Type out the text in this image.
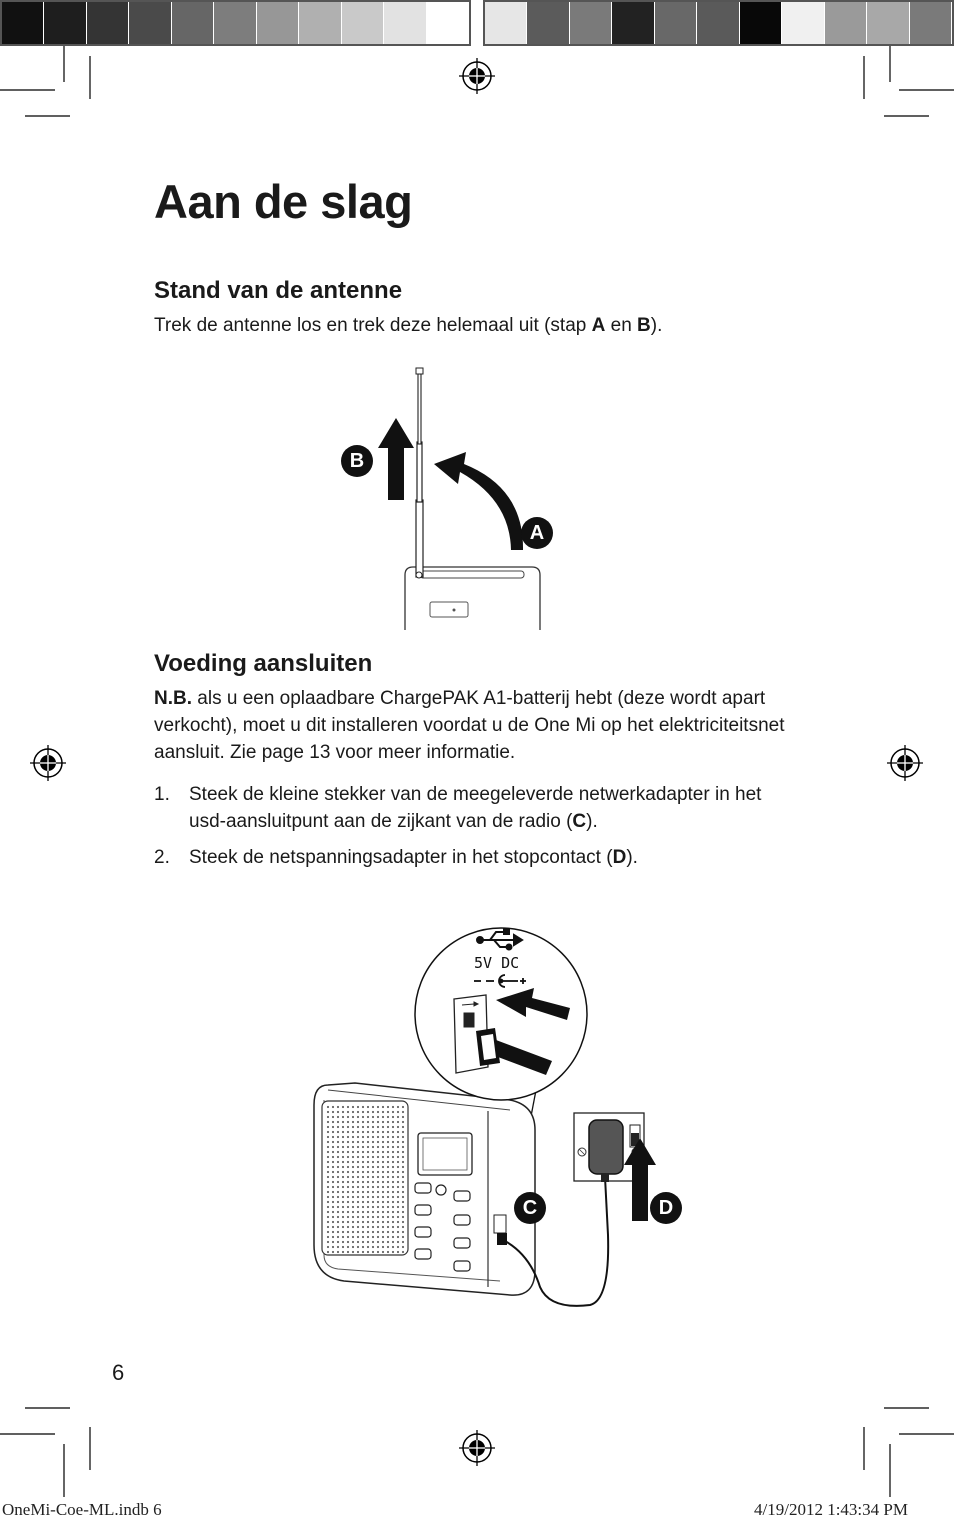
Aan de slag
Stand van de antenne

Trek de antenne los en trek deze helemaal uit (stap A en B).

B
A
Voeding aansluiten

N.B. als u een oplaadbare ChargePAK A1-batterij hebt (deze wordt apart verkocht), moet u dit installeren voordat u de One Mi op het elektriciteitsnet aansluit. Zie page 13 voor meer informatie.

1. Steek de kleine stekker van de meegeleverde netwerkadapter in het usd-aansluitpunt aan de zijkant van de radio (C).
2. Steek de netspanningsadapter in het stopcontact (D).
5V DC
C	D
6
OneMi-Coe-ML.indb 6	4/19/2012 1:43:34 PM
